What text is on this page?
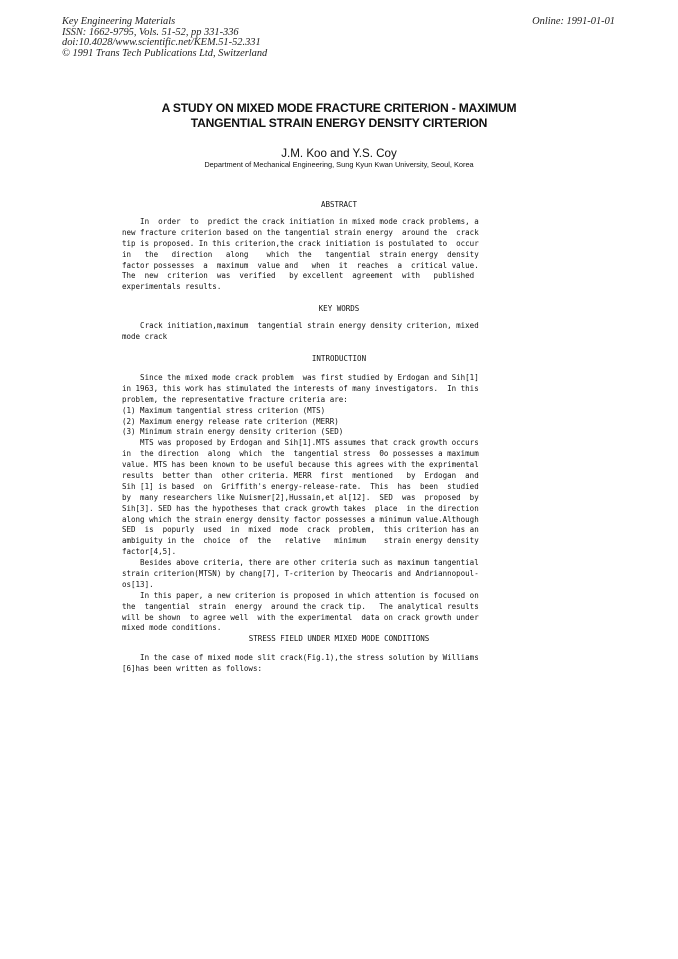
Key Engineering Materials
ISSN: 1662-9795, Vols. 51-52, pp 331-336
doi:10.4028/www.scientific.net/KEM.51-52.331
© 1991 Trans Tech Publications Ltd, Switzerland
Online: 1991-01-01
A STUDY ON MIXED MODE FRACTURE CRITERION - MAXIMUM
TANGENTIAL STRAIN ENERGY DENSITY CIRTERION
J.M. Koo and Y.S. Coy
Department of Mechanical Engineering, Sung Kyun Kwan University, Seoul, Korea
ABSTRACT
In  order  to  predict the crack initiation in mixed mode crack problems, a
new fracture criterion based on the tangential strain energy  around the  crack
tip is proposed. In this criterion,the crack initiation is postulated to  occur
in   the   direction   along    which  the   tangential  strain energy  density
factor possesses  a  maximum  value and   when  it  reaches  a  critical value.
The  new  criterion  was  verified   by excellent  agreement  with   published
experimentals results.
KEY WORDS
Crack initiation,maximum  tangential strain energy density criterion, mixed
mode crack
INTRODUCTION
Since the mixed mode crack problem  was first studied by Erdogan and Sih[1]
in 1963, this work has stimulated the interests of many investigators.  In this
problem, the representative fracture criteria are:
(1) Maximum tangential stress criterion (MTS)
(2) Maximum energy release rate criterion (MERR)
(3) Minimum strain energy density criterion (SED)
MTS was proposed by Erdogan and Sih[1].MTS assumes that crack growth occurs
in  the direction  along  which  the  tangential stress  Θo possesses a maximum
value. MTS has been known to be useful because this agrees with the exprimental
results  better than  other criteria. MERR  first  mentioned   by  Erdogan  and
Sih [1] is based  on  Griffith's energy-release-rate.  This  has  been  studied
by  many researchers like Nuismer[2],Hussain,et al[12].  SED  was  proposed  by
Sih[3]. SED has the hypotheses that crack growth takes  place  in the direction
along which the strain energy density factor possesses a minimum value.Although
SED  is  popurly  used  in  mixed  mode  crack  problem,  this criterion has an
ambiguity in the  choice  of  the   relative   minimum    strain energy density
factor[4,5].
Besides above criteria, there are other criteria such as maximum tangential
strain criterion(MTSN) by chang[7], T-criterion by Theocaris and Andriannopoul-
os[13].
In this paper, a new criterion is proposed in which attention is focused on
the  tangential  strain  energy  around the crack tip.   The analytical results
will be shown  to agree well  with the experimental  data on crack growth under
mixed mode conditions.
STRESS FIELD UNDER MIXED MODE CONDITIONS
In the case of mixed mode slit crack(Fig.1),the stress solution by Williams
[6]has been written as follows:
